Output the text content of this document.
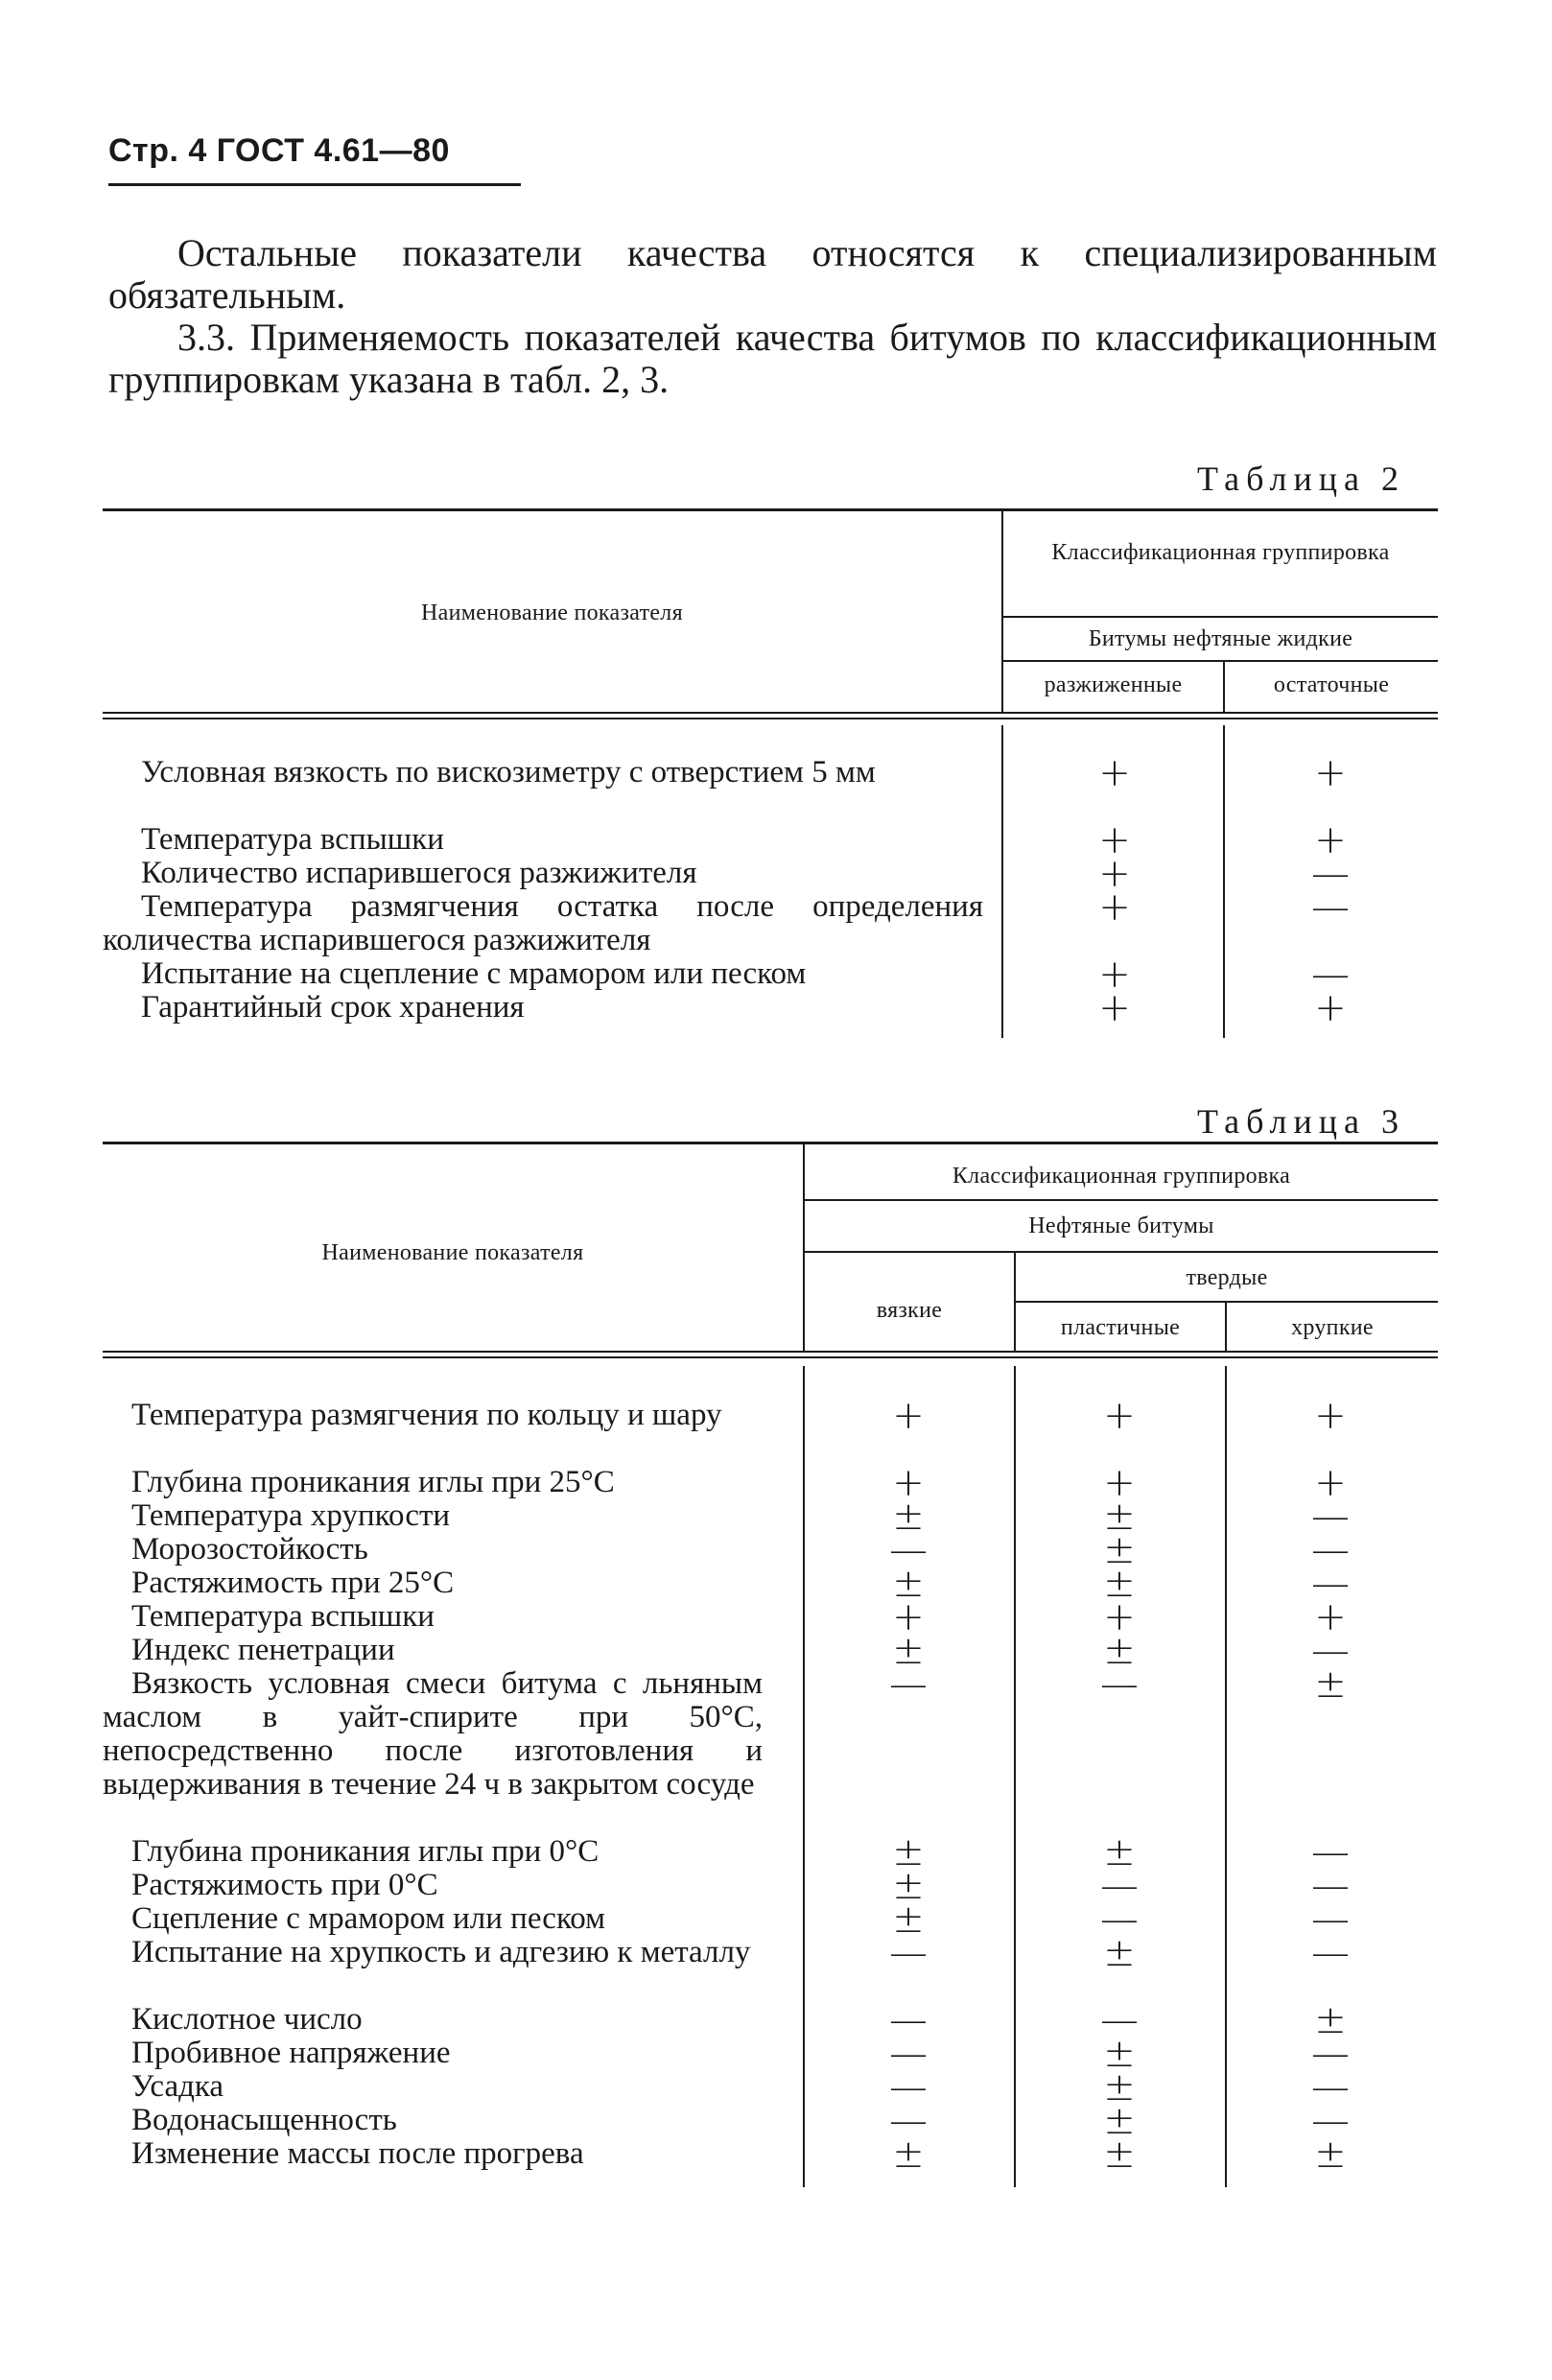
Стр. 4 ГОСТ 4.61—80

Остальные показатели качества относятся к специализированным обязательным.

3.3. Применяемость показателей качества битумов по классификационным группировкам указана в табл. 2, 3.

Таблица 2
Наименование показателя
Классификационная группировка
Битумы нефтяные жидкие
разжиженные	остаточные
Условная вязкость по вискозиметру с отверстием 5 мм	+	+
Температура вспышки	+	+
Количество испарившегося разжижителя	+	—
Температура размягчения остатка после определения количества испарившегося разжижителя
+	—
Испытание на сцепление с мрамором или песком	+	—
Гарантийный срок хранения	+	+
Таблица 3
Наименование показателя
Классификационная группировка
Нефтяные битумы
вязкие
твердые
пластичные	хрупкие
Температура размягчения по кольцу и шару	+	+	+
Глубина проникания иглы при 25°С	+	+	+
Температура хрупкости	±	±	—
Морозостойкость	—	±	—
Растяжимость при 25°С	±	±	—
Температура вспышки	+	+	+
Индекс пенетрации	±	±	—
Вязкость условная смеси битума с льняным маслом в уайт-спирите при 50°С, непосредственно после изготовления и выдерживания в течение 24 ч в закрытом сосуде
—	—	±
Глубина проникания иглы при 0°С	±	±	—
Растяжимость при 0°С	±	—	—
Сцепление с мрамором или песком	±	—	—
Испытание на хрупкость и адгезию к металлу	—	±	—
Кислотное число	—	—	±
Пробивное напряжение	—	±	—
Усадка	—	±	—
Водонасыщенность	—	±	—
Изменение массы после прогрева	±	±	±
